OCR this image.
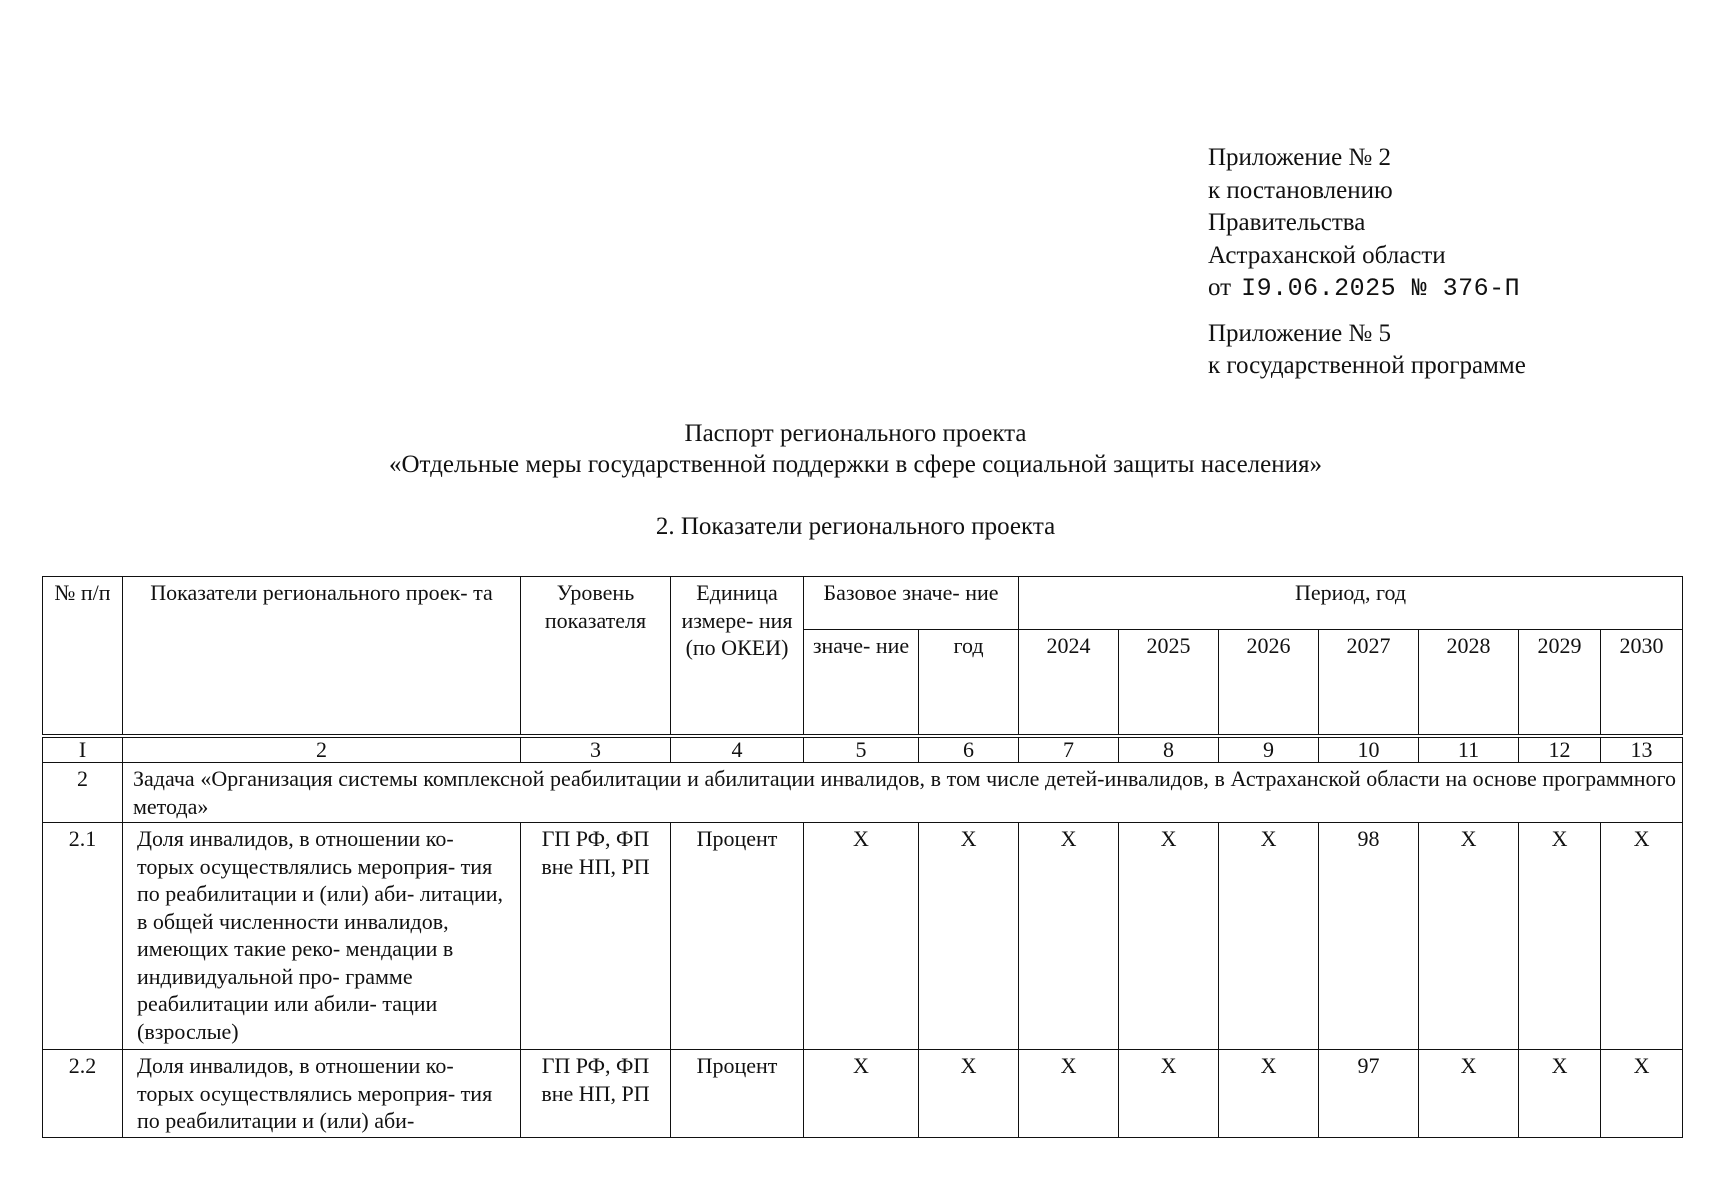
Приложение № 2
к постановлению
Правительства
Астраханской области
от I9.06.2025 № 376-П
Приложение № 5
к государственной программе
Паспорт регионального проекта
«Отдельные меры государственной поддержки в сфере социальной защиты населения»
2. Показатели регионального проекта
№ п/п	Показатели регионального проек- та	Уровень показателя	Единица измере- ния (по ОКЕИ)	Базовое значе- ние		Период, год						
				значе- ние	год	2024	2025	2026	2027	2028	2029	2030
I	2	3	4	5	6	7	8	9	10	11	12	13
2	Задача «Организация системы комплексной реабилитации и абилитации инвалидов, в том числе детей-инвалидов, в Астраханской области на основе программного метода»											
2.1	Доля инвалидов, в отношении ко- торых осуществлялись мероприя- тия по реабилитации и (или) аби- литации, в общей численности инвалидов, имеющих такие реко- мендации в индивидуальной про- грамме реабилитации или абили- тации (взрослые)	ГП РФ, ФП вне НП, РП	Процент	Х	Х	Х	Х	Х	98	Х	Х	Х
2.2	Доля инвалидов, в отношении ко- торых осуществлялись мероприя- тия по реабилитации и (или) аби-	ГП РФ, ФП вне НП, РП	Процент	Х	Х	Х	Х	Х	97	Х	Х	Х
